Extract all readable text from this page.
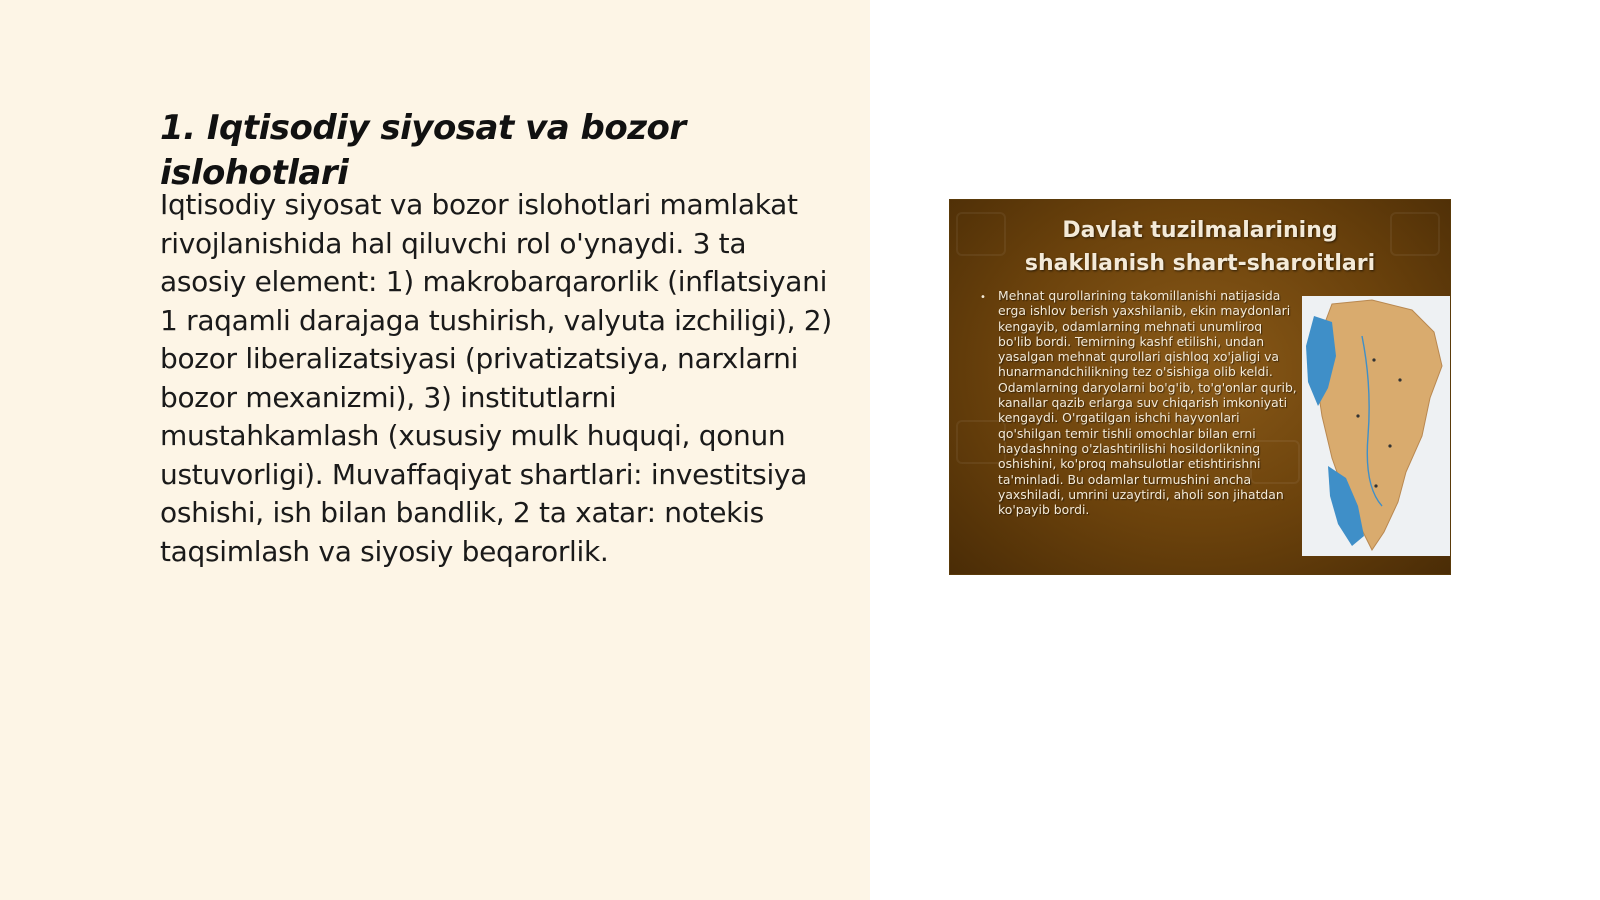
1. Iqtisodiy siyosat va bozor islohotlari

Iqtisodiy siyosat va bozor islohotlari mamlakat rivojlanishida hal qiluvchi rol o'ynaydi. 3 ta asosiy element: 1) makrobarqarorlik (inflatsiyani 1 raqamli darajaga tushirish, valyuta izchiligi), 2) bozor liberalizatsiyasi (privatizatsiya, narxlarni bozor mexanizmi), 3) institutlarni mustahkamlash (xususiy mulk huquqi, qonun ustuvorligi). Muvaffaqiyat shartlari: investitsiya oshishi, ish bilan bandlik, 2 ta xatar: notekis taqsimlash va siyosiy beqarorlik.

Davlat tuzilmalarining
shakllanish shart-sharoitlari
• Mehnat qurollarining takomillanishi natijasida erga ishlov berish yaxshilanib, ekin maydonlari kengayib, odamlarning mehnati unumliroq bo'lib bordi. Temirning kashf etilishi, undan yasalgan mehnat qurollari qishloq xo'jaligi va hunarmandchilikning tez o'sishiga olib keldi. Odamlarning daryolarni bo'g'ib, to'g'onlar qurib, kanallar qazib erlarga suv chiqarish imkoniyati kengaydi. O'rgatilgan ishchi hayvonlari qo'shilgan temir tishli omochlar bilan erni haydashning o'zlashtirilishi hosildorlikning oshishini, ko'proq mahsulotlar etishtirishni ta'minladi. Bu odamlar turmushini ancha yaxshiladi, umrini uzaytirdi, aholi son jihatdan ko'payib bordi.
